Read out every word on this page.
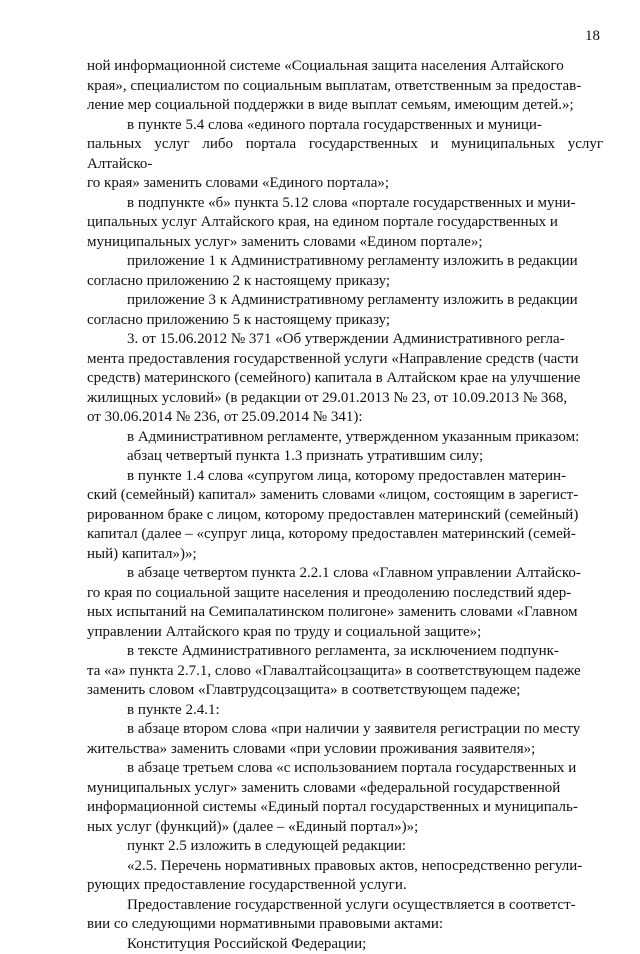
18

ной информационной системе «Социальная защита населения Алтайского
края», специалистом по социальным выплатам, ответственным за предостав-
ление мер социальной поддержки в виде выплат семьям, имеющим детей.»;

в пункте 5.4 слова «единого портала государственных и муници-
пальных услуг либо портала государственных и муниципальных услуг Алтайско-
го края» заменить словами «Единого портала»;

в подпункте «б» пункта 5.12 слова «портале государственных и муни-
ципальных услуг Алтайского края, на едином портале государственных и
муниципальных услуг» заменить словами «Едином портале»;

приложение 1 к Административному регламенту изложить в редакции
согласно приложению 2 к настоящему приказу;

приложение 3 к Административному регламенту изложить в редакции
согласно приложению 5 к настоящему приказу;

3. от 15.06.2012 № 371 «Об утверждении Административного регла-
мента предоставления государственной услуги «Направление средств (части
средств) материнского (семейного) капитала в Алтайском крае на улучшение
жилищных условий» (в редакции от 29.01.2013 № 23, от 10.09.2013 № 368,
от 30.06.2014 № 236, от 25.09.2014 № 341):

в Административном регламенте, утвержденном указанным приказом:

абзац четвертый пункта 1.3 признать утратившим силу;

в пункте 1.4 слова «супругом лица, которому предоставлен материн-
ский (семейный) капитал» заменить словами «лицом, состоящим в зарегист-
рированном браке с лицом, которому предоставлен материнский (семейный)
капитал (далее – «супруг лица, которому предоставлен материнский (семей-
ный) капитал»)»;

в абзаце четвертом пункта 2.2.1 слова «Главном управлении Алтайско-
го края по социальной защите населения и преодолению последствий ядер-
ных испытаний на Семипалатинском полигоне» заменить словами «Главном
управлении Алтайского края по труду и социальной защите»;

в тексте Административного регламента, за исключением подпунк-
та «а» пункта 2.7.1, слово «Главалтайсоцзащита» в соответствующем падеже
заменить словом «Главтрудсоцзащита» в соответствующем падеже;

в пункте 2.4.1:

в абзаце втором слова «при наличии у заявителя регистрации по месту
жительства» заменить словами «при условии проживания заявителя»;

в абзаце третьем слова «с использованием портала государственных и
муниципальных услуг» заменить словами «федеральной государственной
информационной системы «Единый портал государственных и муниципаль-
ных услуг (функций)» (далее – «Единый портал»)»;

пункт 2.5 изложить в следующей редакции:

«2.5. Перечень нормативных правовых актов, непосредственно регули-
рующих предоставление государственной услуги.

Предоставление государственной услуги осуществляется в соответст-
вии со следующими нормативными правовыми актами:

Конституция Российской Федерации;
